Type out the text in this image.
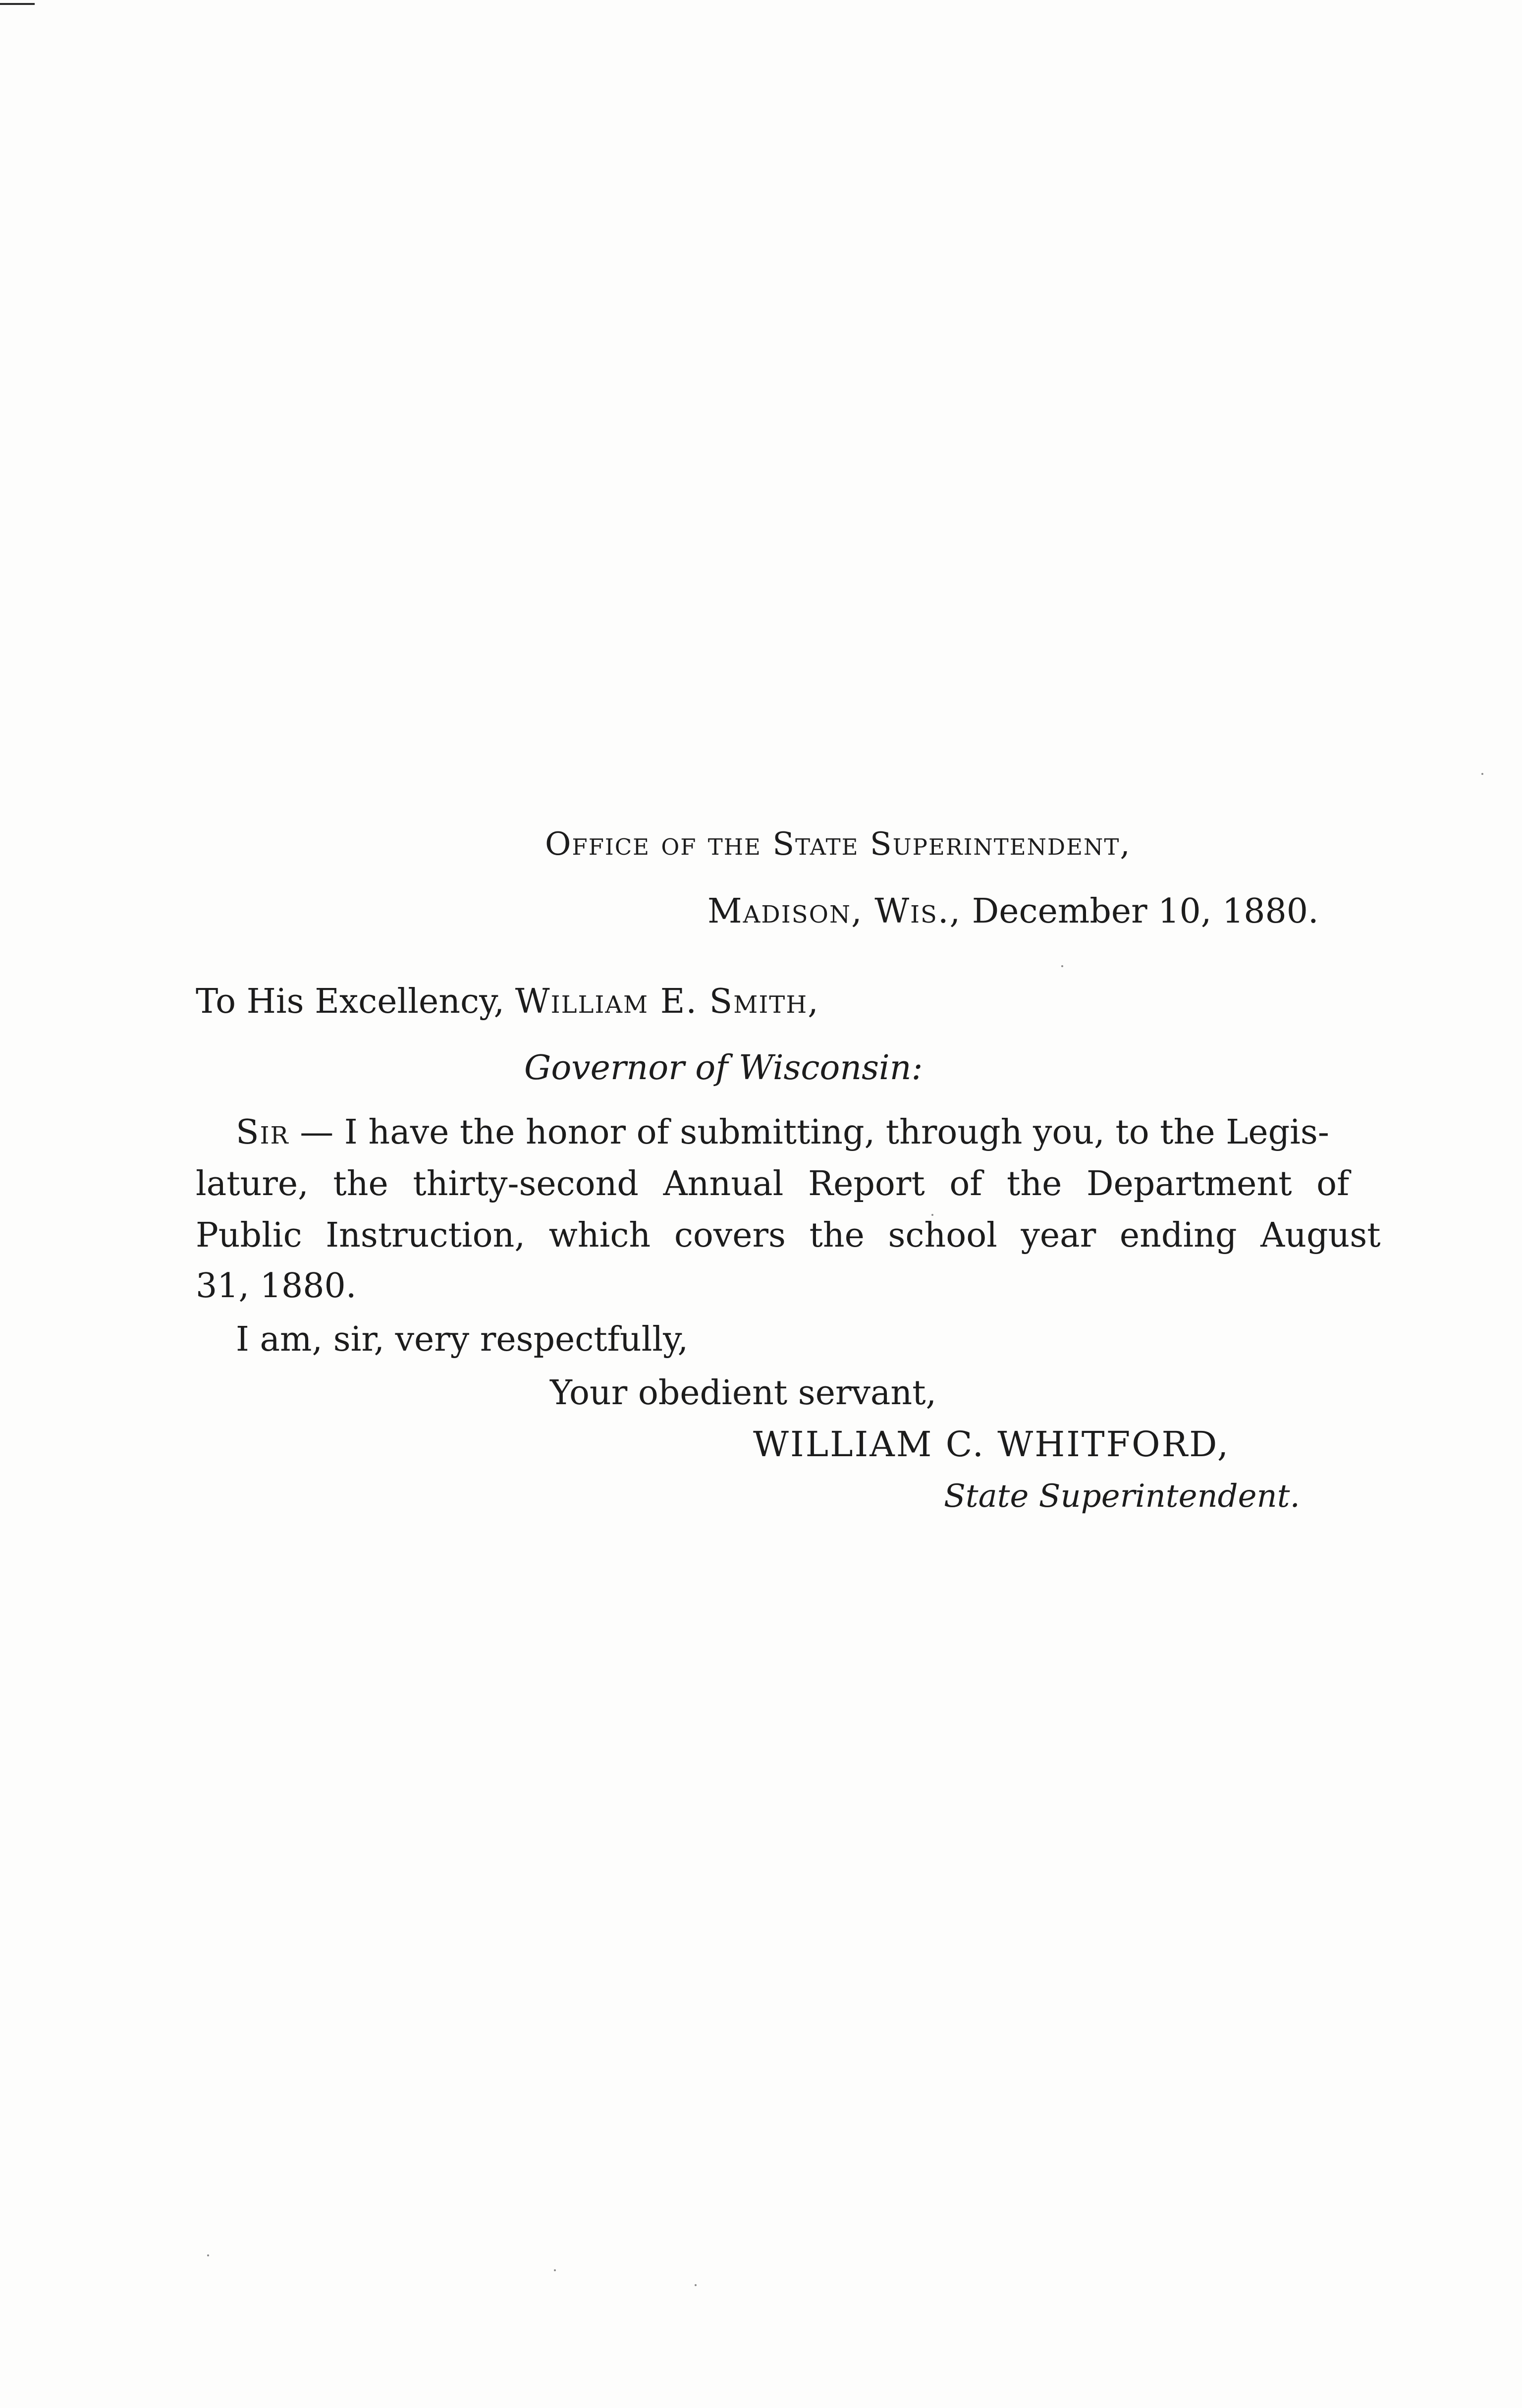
Office of the State Superintendent,
Madison, Wis., December 10, 1880.
To His Excellency, William E. Smith,
Governor of Wisconsin:
Sir — I have the honor of submitting, through you, to the Legis-
lature, the thirty-second Annual Report of the Department of
Public Instruction, which covers the school year ending August
31, 1880.
I am, sir, very respectfully,
Your obedient servant,
WILLIAM C. WHITFORD,
State Superintendent.
